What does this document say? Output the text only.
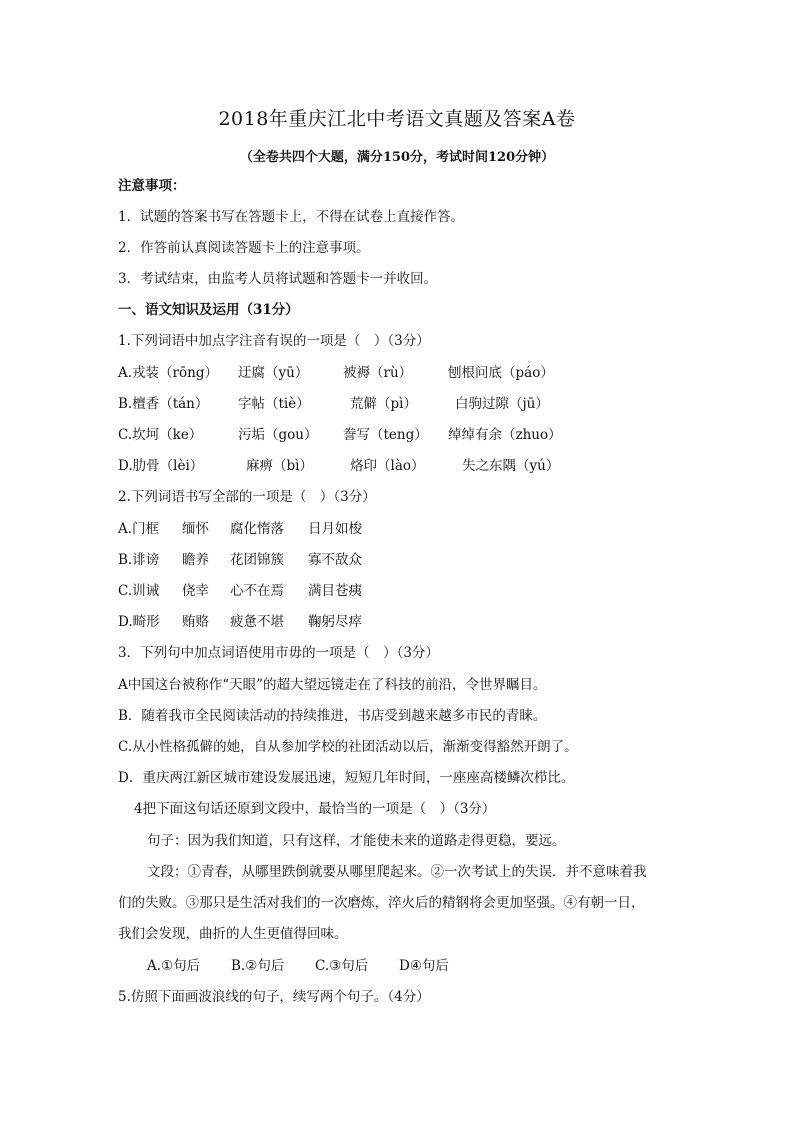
2018年重庆江北中考语文真题及答案A卷
（全卷共四个大题，满分150分，考试时间120分钟）
注意事项：
1．试题的答案书写在答题卡上，不得在试卷上直接作答。
2．作答前认真阅读答题卡上的注意事项。
3．考试结束，由监考人员将试题和答题卡一并收回。
一、语文知识及运用（31分）
1.下列词语中加点字注音有误的一项是（　）（3分）
A.戎装（rōng） 迂腐（yū）	被褥（rù）	刨根问底（páo）
B.檀香（tán） 字帖（tiè）	荒僻（pì）	白驹过隙（jū）
C.坎坷（ke）	污垢（gou） 誊写（teng） 绰绰有余（zhuo）
D.肋骨（lèi）	麻痹（bì）	烙印（lào）	失之东隅（yú）
2.下列词语书写全部的一项是（　）（3分）
A.门框 缅怀 腐化惰落 日月如梭
B.诽谤 瞻养 花团锦簇 寡不敌众
C.训诫 侥幸 心不在焉 满目苍痍
D.畸形 贿赂 疲惫不堪 鞠躬尽瘁
3．下列句中加点词语使用市毋的一项是（　）（3分）
A中国这台被称作“天眼”的超大望远镜走在了科技的前沿，令世界瞩目。
B．随着我市全民阅读活动的持续推进，书店受到越来越多市民的青睐。
C.从小性格孤僻的她，自从参加学校的社团活动以后，渐渐变得豁然开朗了。
D．重庆两江新区城市建设发展迅速，短短几年时间，一座座高楼鳞次栉比。
4把下面这句话还原到文段中，最恰当的一项是（　）（3分）
句子：因为我们知道，只有这样，才能使未来的道路走得更稳，要远。
文段：①青春，从哪里跌倒就要从哪里爬起来。②一次考试上的失误．并不意味着我
们的失败。③那只是生活对我们的一次磨炼，淬火后的精钢将会更加坚强。④有朝一日，
我们会发现，曲折的人生更值得回味。
A.①句后 B.②句后 C.③句后 D④句后
5.仿照下面画波浪线的句子，续写两个句子。（4分）
